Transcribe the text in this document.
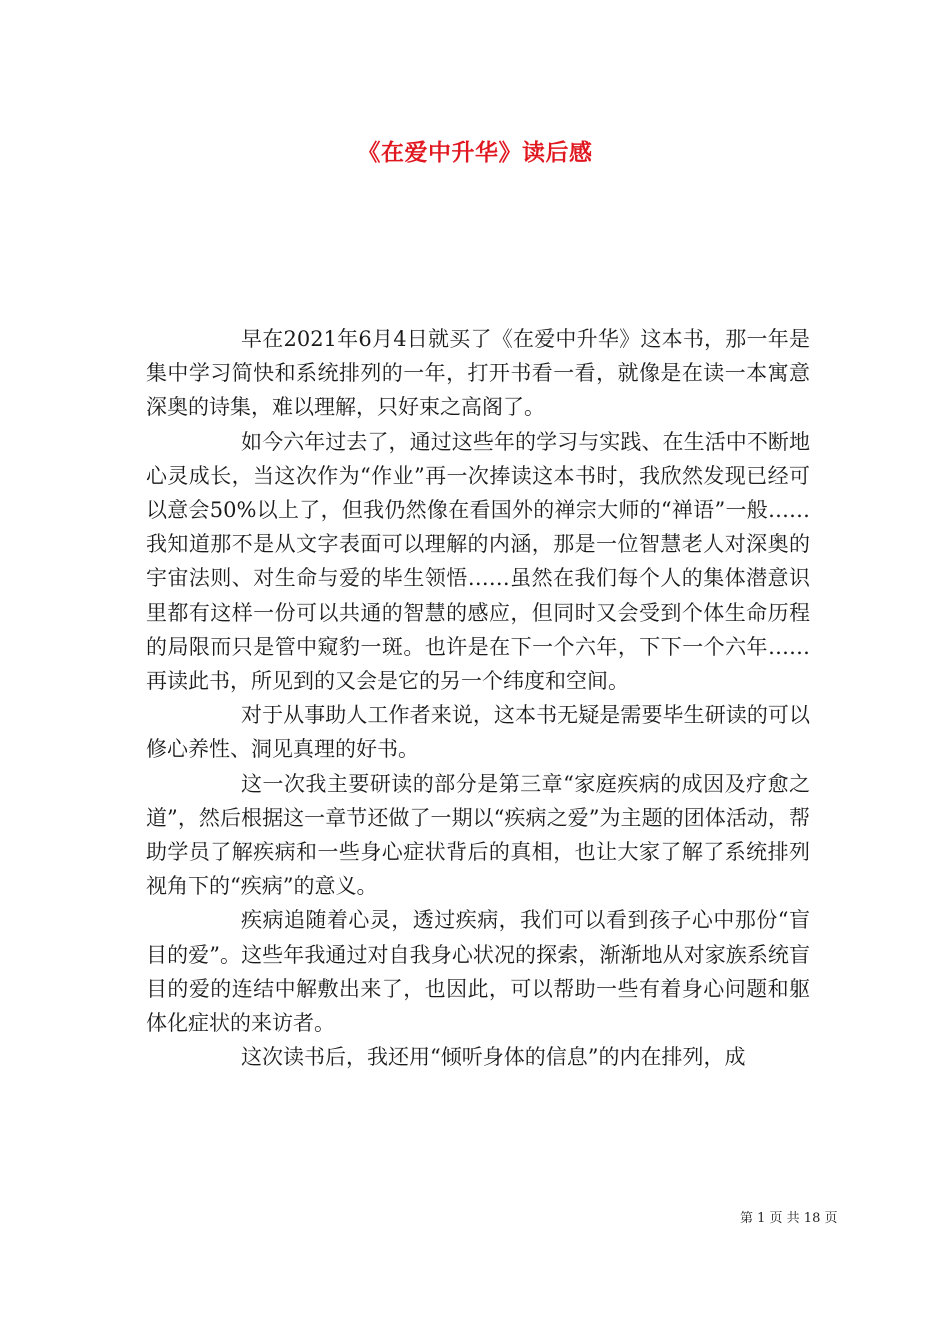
《在爱中升华》读后感

早在2021年6月4日就买了《在爱中升华》这本书，那一年是集中学习简快和系统排列的一年，打开书看一看，就像是在读一本寓意深奥的诗集，难以理解，只好束之高阁了。

如今六年过去了，通过这些年的学习与实践、在生活中不断地心灵成长，当这次作为“作业”再一次捧读这本书时，我欣然发现已经可以意会50%以上了，但我仍然像在看国外的禅宗大师的“禅语”一般……我知道那不是从文字表面可以理解的内涵，那是一位智慧老人对深奥的宇宙法则、对生命与爱的毕生领悟……虽然在我们每个人的集体潜意识里都有这样一份可以共通的智慧的感应，但同时又会受到个体生命历程的局限而只是管中窥豹一斑。也许是在下一个六年，下下一个六年……再读此书，所见到的又会是它的另一个纬度和空间。

对于从事助人工作者来说，这本书无疑是需要毕生研读的可以修心养性、洞见真理的好书。

这一次我主要研读的部分是第三章“家庭疾病的成因及疗愈之道”，然后根据这一章节还做了一期以“疾病之爱”为主题的团体活动，帮助学员了解疾病和一些身心症状背后的真相，也让大家了解了系统排列视角下的“疾病”的意义。

疾病追随着心灵，透过疾病，我们可以看到孩子心中那份“盲目的爱”。这些年我通过对自我身心状况的探索，渐渐地从对家族系统盲目的爱的连结中解敷出来了，也因此，可以帮助一些有着身心问题和躯体化症状的来访者。

这次读书后，我还用“倾听身体的信息”的内在排列，成

第 1 页 共 18 页
